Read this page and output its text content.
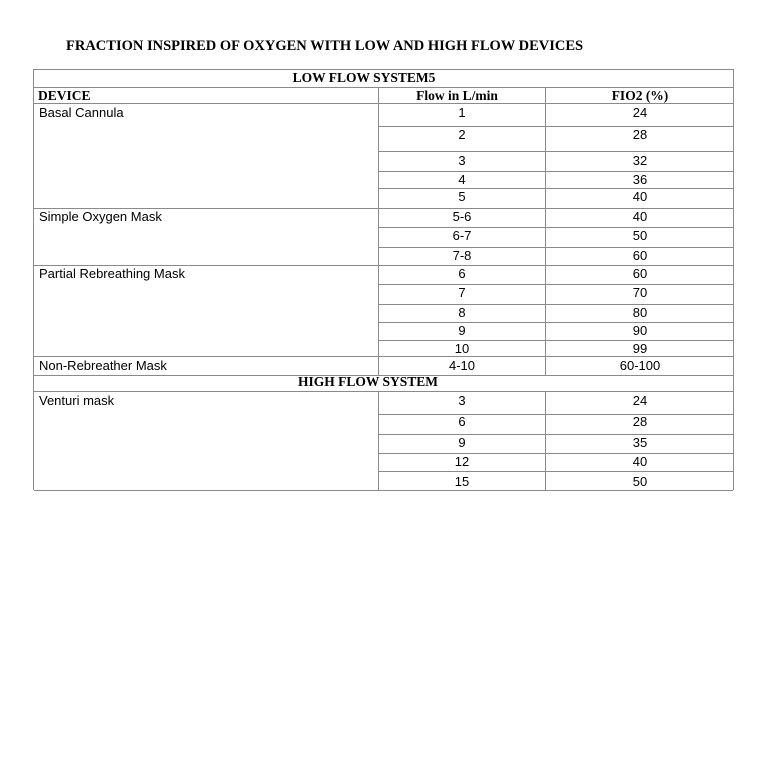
FRACTION INSPIRED OF OXYGEN WITH LOW AND HIGH FLOW DEVICES
LOW FLOW SYSTEM5
HIGH FLOW SYSTEM
DEVICE	Flow in L/min	FIO2 (%)
Basal Cannula
Simple Oxygen Mask
Partial Rebreathing Mask
Non-Rebreather Mask
Venturi mask
1
2
3
4
5
5-6
6-7
7-8
6
7
8
9
10
4-10
3
6
9
12
15
24
28
32
36
40
40
50
60
60
70
80
90
99
60-100
24
28
35
40
50
